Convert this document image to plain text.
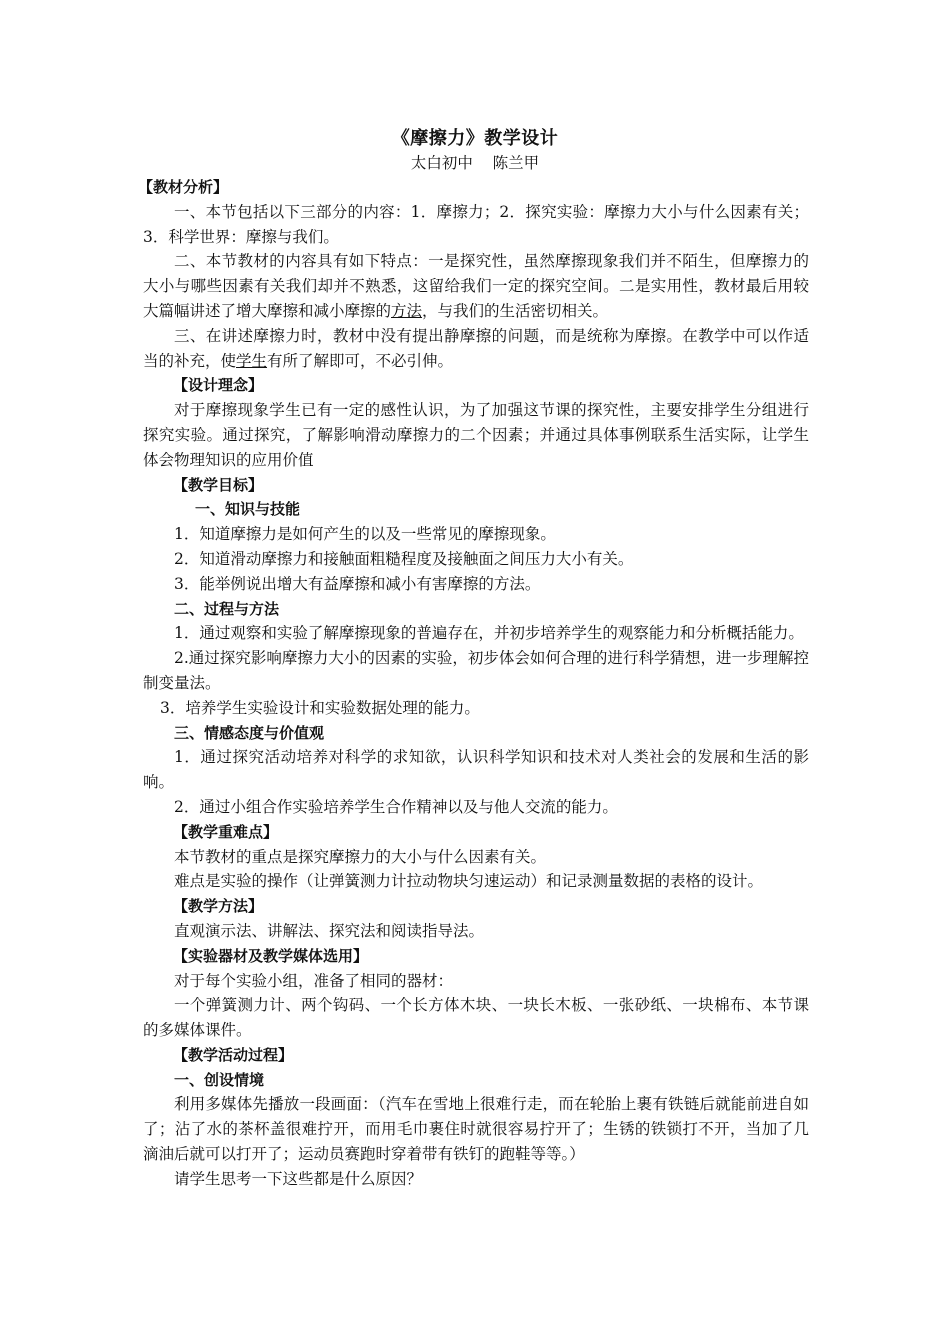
《摩擦力》教学设计
太白初中    陈兰甲

【教材分析】

一、本节包括以下三部分的内容：1．摩擦力；2．探究实验：摩擦力大小与什么因素有关；3．科学世界：摩擦与我们。

二、本节教材的内容具有如下特点：一是探究性，虽然摩擦现象我们并不陌生，但摩擦力的大小与哪些因素有关我们却并不熟悉，这留给我们一定的探究空间。二是实用性，教材最后用较大篇幅讲述了增大摩擦和减小摩擦的方法，与我们的生活密切相关。

三、在讲述摩擦力时，教材中没有提出静摩擦的问题，而是统称为摩擦。在教学中可以作适当的补充，使学生有所了解即可，不必引伸。

【设计理念】

对于摩擦现象学生已有一定的感性认识，为了加强这节课的探究性，主要安排学生分组进行探究实验。通过探究，了解影响滑动摩擦力的二个因素；并通过具体事例联系生活实际，让学生体会物理知识的应用价值

【教学目标】

一、知识与技能

1．知道摩擦力是如何产生的以及一些常见的摩擦现象。

2．知道滑动摩擦力和接触面粗糙程度及接触面之间压力大小有关。

3．能举例说出增大有益摩擦和减小有害摩擦的方法。

二、过程与方法

1．通过观察和实验了解摩擦现象的普遍存在，并初步培养学生的观察能力和分析概括能力。

2.通过探究影响摩擦力大小的因素的实验，初步体会如何合理的进行科学猜想，进一步理解控制变量法。

3．培养学生实验设计和实验数据处理的能力。

三、情感态度与价值观

1．通过探究活动培养对科学的求知欲，认识科学知识和技术对人类社会的发展和生活的影响。

2．通过小组合作实验培养学生合作精神以及与他人交流的能力。

【教学重难点】

本节教材的重点是探究摩擦力的大小与什么因素有关。

难点是实验的操作（让弹簧测力计拉动物块匀速运动）和记录测量数据的表格的设计。

【教学方法】

直观演示法、讲解法、探究法和阅读指导法。

【实验器材及教学媒体选用】

对于每个实验小组，准备了相同的器材：

一个弹簧测力计、两个钩码、一个长方体木块、一块长木板、一张砂纸、一块棉布、本节课的多媒体课件。

【教学活动过程】

一、创设情境

利用多媒体先播放一段画面：（汽车在雪地上很难行走，而在轮胎上裹有铁链后就能前进自如了；沾了水的茶杯盖很难拧开，而用毛巾裹住时就很容易拧开了；生锈的铁锁打不开，当加了几滴油后就可以打开了；运动员赛跑时穿着带有铁钉的跑鞋等等。）

请学生思考一下这些都是什么原因？
